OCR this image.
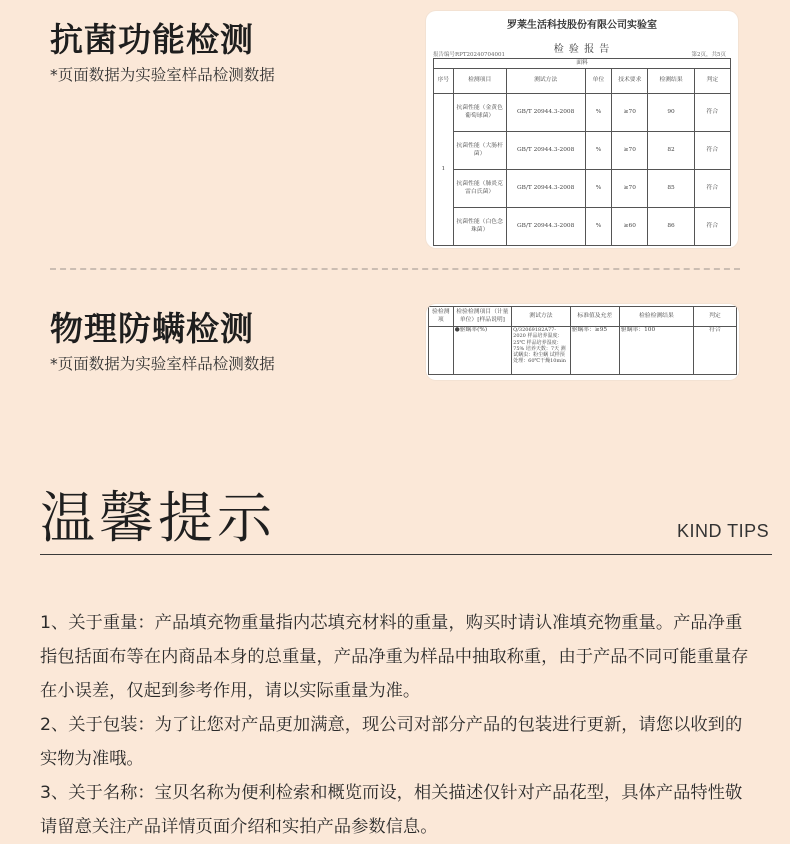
抗菌功能检测
*页面数据为实验室样品检测数据
罗莱生活科技股份有限公司实验室
检 验 报 告
报告编号RPT20240704001	第2页，共5页
面料						
序号	检测项目	测试方法	单位	技术要求	检测结果	判定
1	抗菌性能（金黄色葡萄球菌）	GB/T 20944.3-2008	%	≥70	90	符合
	抗菌性能（大肠杆菌）	GB/T 20944.3-2008	%	≥70	82	符合
	抗菌性能（肺炎克雷白氏菌）	GB/T 20944.3-2008	%	≥70	85	符合
	抗菌性能（白色念珠菌）	GB/T 20944.3-2008	%	≥60	86	符合
物理防螨检测
*页面数据为实验室样品检测数据
验检测项	检验检测项目（计量单位）[样品说明]	测试方法	标准值及允差	检验检测结果	判定
	●驱螨率(%)	Q/32069182A77-2020 样品培养温度：25℃ 样品培养湿度：75% 培养天数：7天 测试螨虫：粉尘螨 试样预处理：60℃干燥10min	驱螨率：≥95	驱螨率：100	符合
温馨提示	KIND TIPS

1、关于重量：产品填充物重量指内芯填充材料的重量，购买时请认准填充物重量。产品净重指包括面布等在内商品本身的总重量，产品净重为样品中抽取称重，由于产品不同可能重量存在小误差，仅起到参考作用，请以实际重量为准。

2、关于包装：为了让您对产品更加满意，现公司对部分产品的包装进行更新，请您以收到的实物为准哦。

3、关于名称：宝贝名称为便利检索和概览而设，相关描述仅针对产品花型，具体产品特性敬请留意关注产品详情页面介绍和实拍产品参数信息。
